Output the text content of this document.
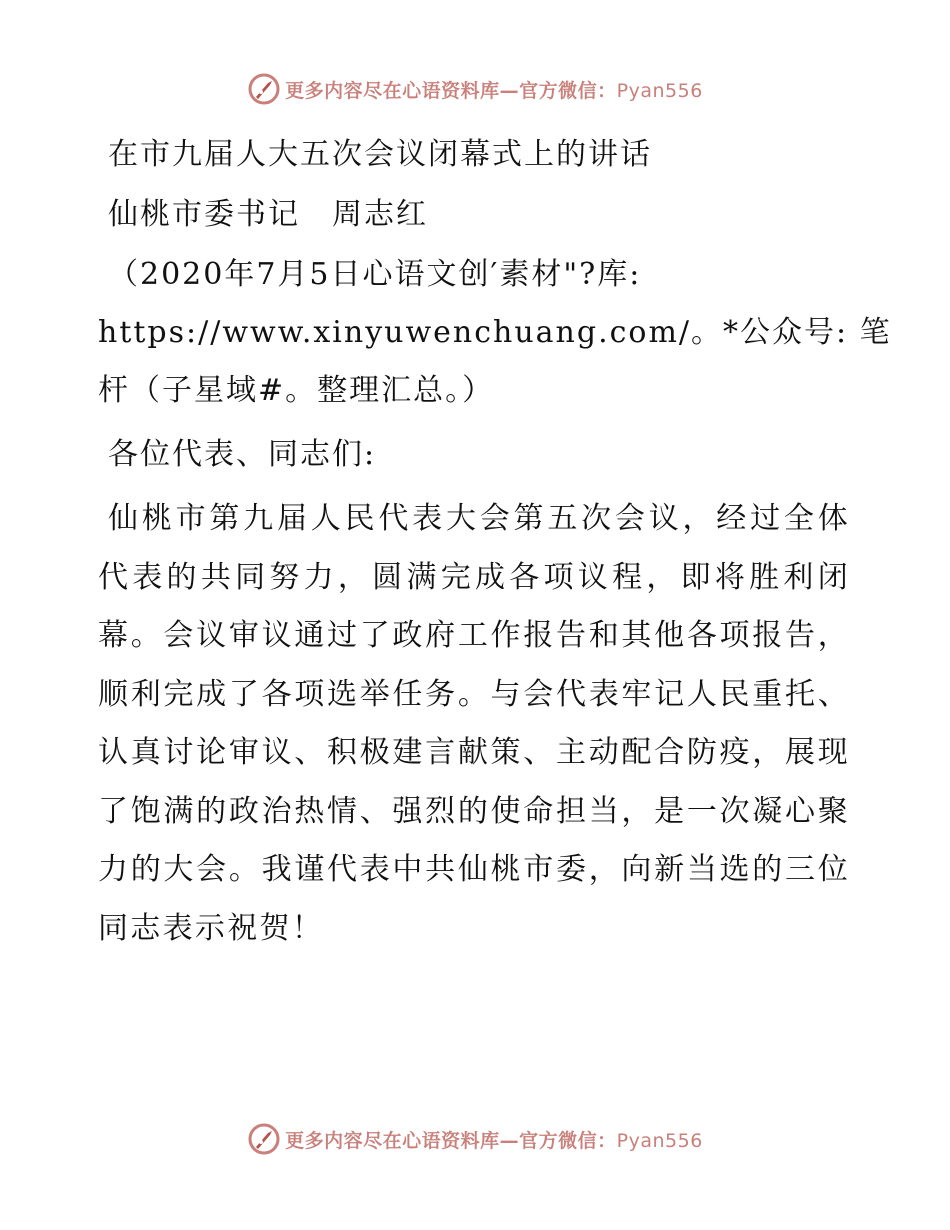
更多内容尽在心语资料库—官方微信：Pyan556
在市九届人大五次会议闭幕式上的讲话
仙桃市委书记　周志红
（2020年7月5日心语文创′素材"?库:
https://www.xinyuwenchuang.com/。*公众号: 笔
杆（子星域#。整理汇总。）
各位代表、同志们:
仙桃市第九届人民代表大会第五次会议，经过全体代表的共同努力，圆满完成各项议程，即将胜利闭幕。会议审议通过了政府工作报告和其他各项报告，顺利完成了各项选举任务。与会代表牢记人民重托、认真讨论审议、积极建言献策、主动配合防疫，展现了饱满的政治热情、强烈的使命担当，是一次凝心聚力的大会。我谨代表中共仙桃市委，向新当选的三位同志表示祝贺！
更多内容尽在心语资料库—官方微信：Pyan556
